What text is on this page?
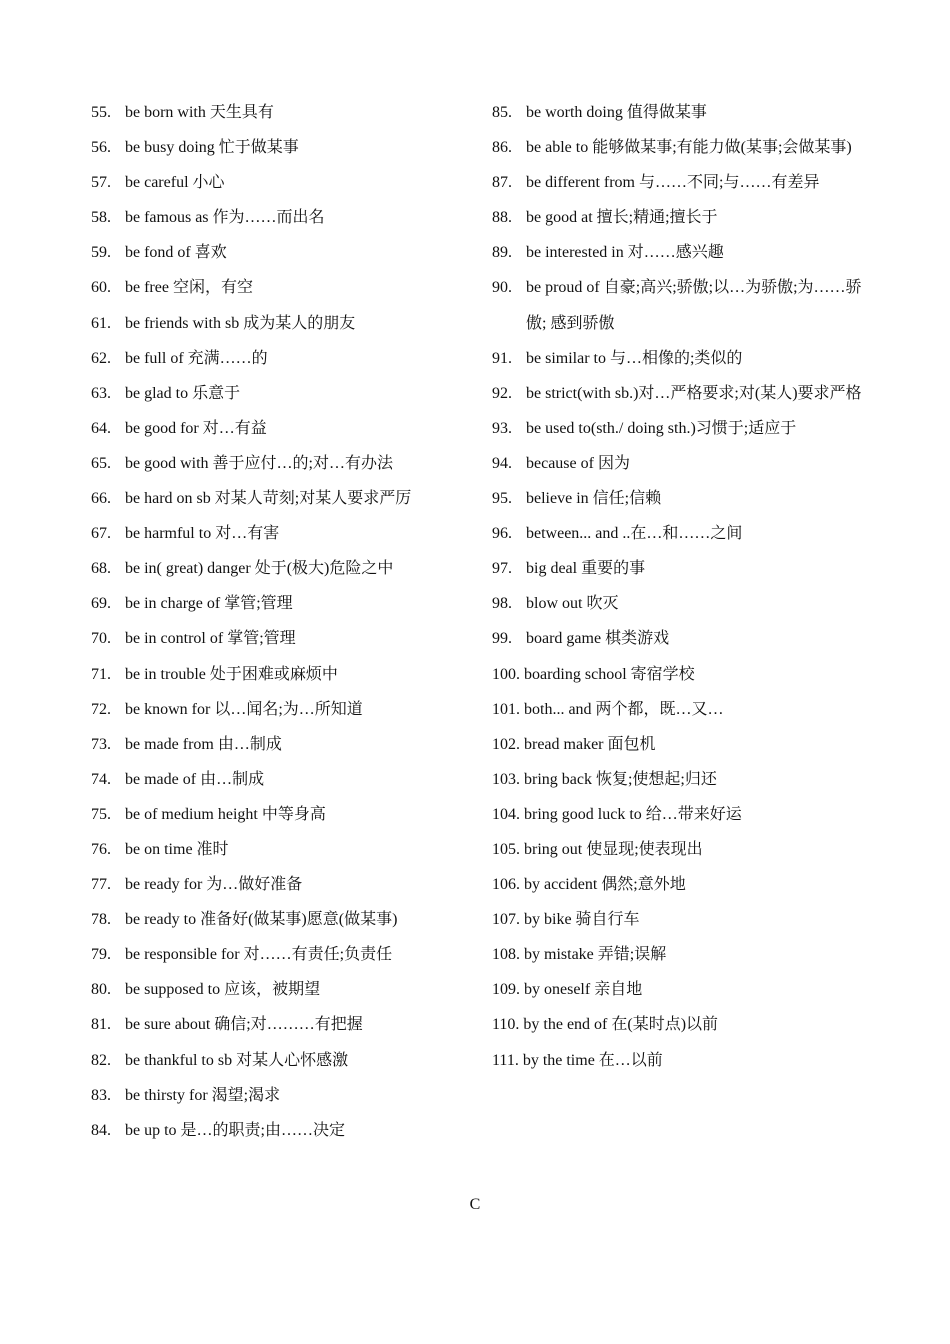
55. be born with 天生具有
56. be busy doing 忙于做某事
57. be careful 小心
58. be famous as 作为……而出名
59. be fond of 喜欢
60. be free 空闲，有空
61. be friends with sb 成为某人的朋友
62. be full of 充满……的
63. be glad to 乐意于
64. be good for 对…有益
65. be good with 善于应付…的;对…有办法
66. be hard on sb 对某人苛刻;对某人要求严厉
67. be harmful to 对…有害
68. be in( great) danger 处于(极大)危险之中
69. be in charge of 掌管;管理
70. be in control of 掌管;管理
71. be in trouble 处于困难或麻烦中
72. be known for 以…闻名;为…所知道
73. be made from 由…制成
74. be made of 由…制成
75. be of medium height 中等身高
76. be on time 准时
77. be ready for 为…做好准备
78. be ready to 准备好(做某事)愿意(做某事)
79. be responsible for 对……有责任;负责任
80. be supposed to 应该，被期望
81. be sure about 确信;对………有把握
82. be thankful to sb 对某人心怀感激
83. be thirsty for 渴望;渴求
84. be up to 是…的职责;由……决定
85. be worth doing 值得做某事
86. be able to 能够做某事;有能力做(某事;会做某事)
87. be different from 与……不同;与……有差异
88. be good at 擅长;精通;擅长于
89. be interested in 对……感兴趣
90. be proud of 自豪;高兴;骄傲;以…为骄傲;为……骄傲; 感到骄傲
91. be similar to 与…相像的;类似的
92. be strict(with sb.)对…严格要求;对(某人)要求严格
93. be used to(sth./ doing sth.)习惯于;适应于
94. because of 因为
95. believe in 信任;信赖
96. between... and ..在…和……之间
97. big deal 重要的事
98. blow out 吹灭
99. board game 棋类游戏
100. boarding school 寄宿学校
101. both... and 两个都，既…又…
102. bread maker 面包机
103. bring back 恢复;使想起;归还
104. bring good luck to 给…带来好运
105. bring out 使显现;使表现出
106. by accident 偶然;意外地
107. by bike 骑自行车
108. by mistake 弄错;误解
109. by oneself 亲自地
110. by the end of 在(某时点)以前
111. by the time 在…以前
C
